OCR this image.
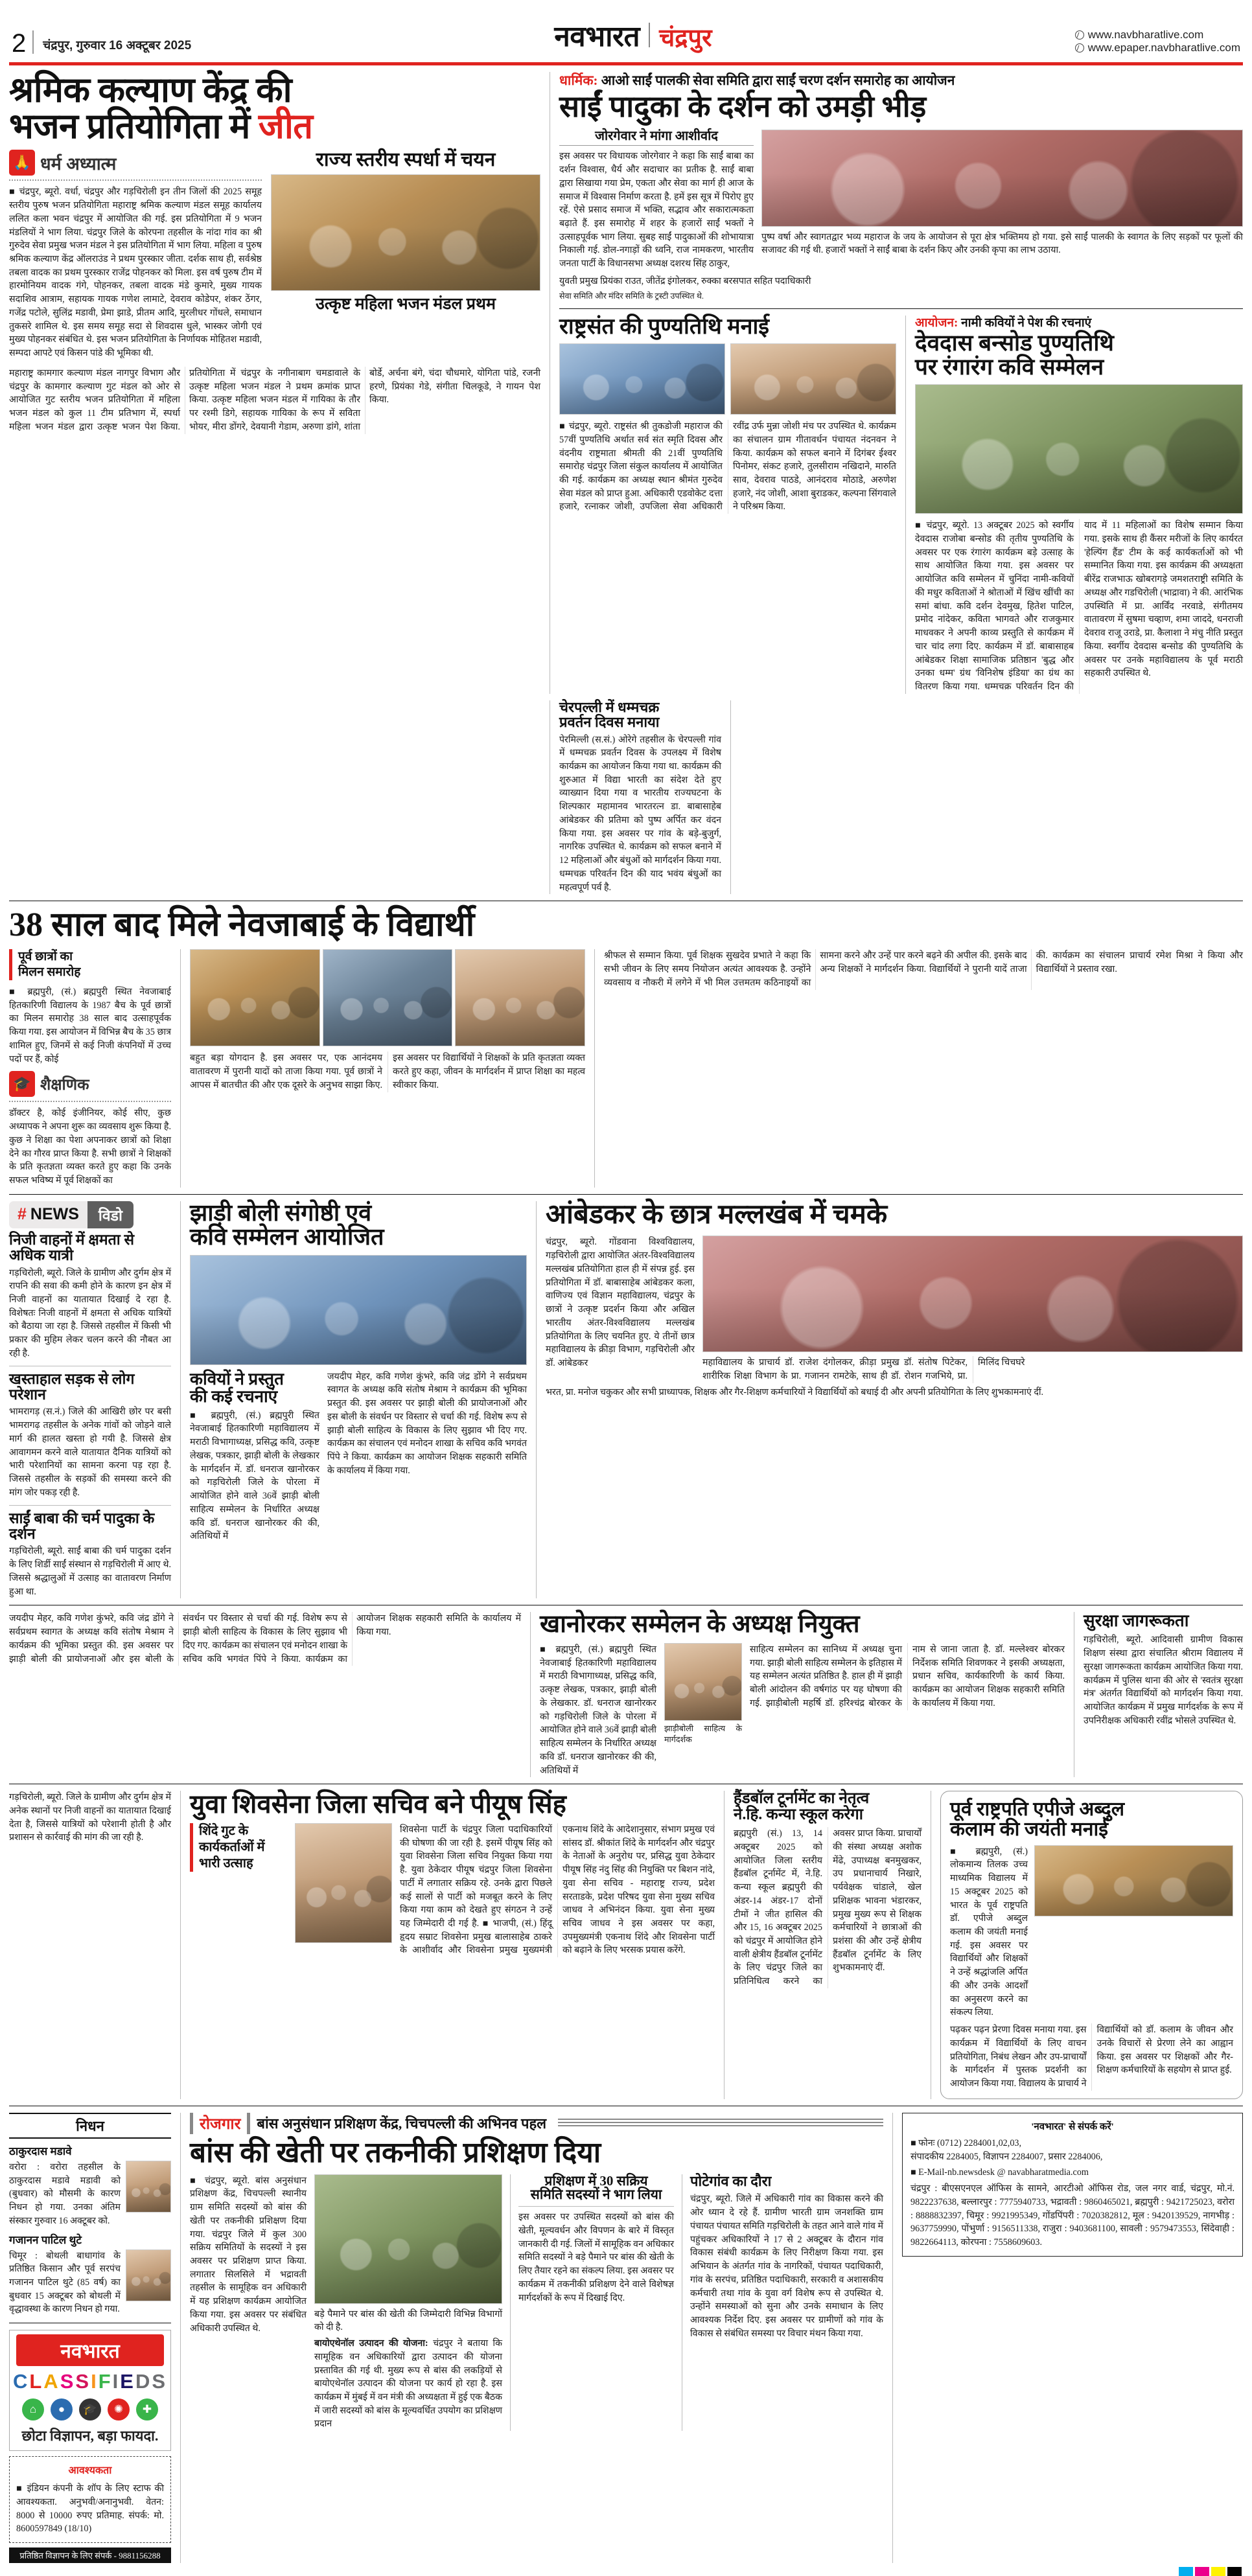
2 चंद्रपुर, गुरुवार 16 अक्टूबर 2025	नवभारत चंद्रपुर	www.navbharatlive.com
www.epaper.navbharatlive.com
श्रमिक कल्याण केंद्र की
भजन प्रतियोगिता में जीत
🙏 धर्म अध्यात्म
■ चंद्रपुर, ब्यूरो. वर्धा, चंद्रपुर और गड़चिरोली इन तीन जिलों की 2025 समूह स्तरीय पुरुष भजन प्रतियोगिता महाराष्ट्र श्रमिक कल्याण मंडल समूह कार्यालय ललित कला भवन चंद्रपुर में आयोजित की गई. इस प्रतियोगिता में 9 भजन मंडलियों ने भाग लिया. चंद्रपुर जिले के कोरपना तहसील के नांदा गांव का श्री गुरुदेव सेवा प्रमुख भजन मंडल ने इस प्रतियोगिता में भाग लिया. महिला व पुरुष श्रमिक कल्याण केंद्र ऑलराउंड ने प्रथम पुरस्कार जीता. दर्शक साथ ही, सर्वश्रेष्ठ तबला वादक का प्रथम पुरस्कार राजेंद्र पोहनकर को मिला. इस वर्ष पुरुष टीम में हारमोनियम वादक गंगे, पोहनकर, तबला वादक मंडे कुमारे, मुख्य गायक सदाशिव आत्राम, सहायक गायक गणेश लामाटे, देवराव कोडेपर, शंकर ठेंगर, गजेंद्र पटोले, सुलिंद्र मडावी, प्रेमा झाडे, प्रीतम आदि, मुरलीधर गोंधले, समाधान तुकसरे शामिल थे. इस समय समूह सदा से शिवदास धुले, भास्कर जोगी एवं मुख्य पोहनकर संबंधित थे. इस भजन प्रतियोगिता के निर्णायक मोहितश मडावी, सम्पदा आपटे एवं किसन पांडे की भूमिका थी.
राज्य स्तरीय स्पर्धा में चयन
उत्कृष्ट महिला भजन मंडल प्रथम
महाराष्ट्र कामगार कल्याण मंडल नागपुर विभाग और चंद्रपुर के कामगार कल्याण गुट मंडल को ओर से आयोजित गुट स्तरीय भजन प्रतियोगिता में महिला भजन मंडल को कुल 11 टीम प्रतिभाग में, स्पर्धा महिला भजन मंडल द्वारा उत्कृष्ट भजन पेश किया. प्रतियोगिता में चंद्रपुर के नगीनाबाग चमडावाले के उत्कृष्ट महिला भजन मंडल ने प्रथम क्रमांक प्राप्त किया. उत्कृष्ट महिला भजन मंडल में गायिका के तौर पर रश्मी डिगे, सहायक गायिका के रूप में सविता भोयर, मीरा डोंगरे, देवयानी गेडाम, अरुणा डांगे, शांता बोर्डे, अर्चना बंगे, चंदा चौधमारे, योगिता पांडे, रजनी हरणे, प्रियंका गेडे, संगीता चिलकूडे, ने गायन पेश किया.
धार्मिक: आओ साईं पालकी सेवा समिति द्वारा साईं चरण दर्शन समारोह का आयोजन
साईं पादुका के दर्शन को उमड़ी भीड़
जोरगेवार ने मांगा आशीर्वाद
इस अवसर पर विधायक जोरगेवार ने कहा कि साईं बाबा का दर्शन विश्वास, धैर्य और सदाचार का प्रतीक है. साईं बाबा द्वारा सिखाया गया प्रेम, एकता और सेवा का मार्ग ही आज के समाज में विश्वास निर्माण करता है. हमें इस सूत्र में पिरोए हुए रहें. ऐसे प्रसाद समाज में भक्ति, सद्भाव और सकारात्मकता बढ़ाते हैं. इस समारोह में शहर के हजारों साईं भक्तों ने उत्साहपूर्वक भाग लिया. सुबह साईं पादुकाओं की शोभायात्रा निकाली गई. डोल-नगाड़ों की ध्वनि, राज नामकरण, भारतीय जनता पार्टी के विधानसभा अध्यक्ष दशरथ सिंह ठाकुर,
पुष्प वर्षा और स्वागतद्वार भव्य महाराज के जय के आयोजन से पूरा क्षेत्र भक्तिमय हो गया. इसे साईं पालकी के स्वागत के लिए सड़कों पर फूलों की सजावट की गई थी. हजारों भक्तों ने साईं बाबा के दर्शन किए और उनकी कृपा का लाभ उठाया.
युवती प्रमुख प्रियंका राउत, जीतेंद्र इंगोलकर, रुक्का बरसपात सहित पदाधिकारी
सेवा समिति और मंदिर समिति के ट्रस्टी उपस्थित थे.
राष्ट्रसंत की पुण्यतिथि मनाई
■ चंद्रपुर, ब्यूरो. राष्ट्रसंत श्री तुकडोजी महाराज की 57वीं पुण्यतिथि अर्थात सर्व संत स्मृति दिवस और वंदनीय राष्ट्रमाता श्रीमती की 21वीं पुण्यतिथि समारोह चंद्रपुर जिला संकुल कार्यालय में आयोजित की गई. कार्यक्रम का अध्यक्ष स्थान श्रीमंत गुरुदेव सेवा मंडल को प्राप्त हुआ. अधिकारी एडवोकेट दत्ता हजारे, रत्नाकर जोशी, उपजिला सेवा अधिकारी रवींद्र उर्फ मुन्ना जोशी मंच पर उपस्थित थे. कार्यक्रम का संचालन ग्राम गीतावर्धन पंचायत नंदनवन ने किया. कार्यक्रम को सफल बनाने में दिगंबर ईश्वर पिनोमर, संकट हजारे, तुलसीराम नखिदाने, मारुति साव, देवराव पाठडे, आनंदराव मोठाडे, अरुणेश हजारे, नंद जोशी, आशा बुराडकर, कल्पना सिंगवाले ने परिश्रम किया.
आयोजन: नामी कवियों ने पेश की रचनाएं
देवदास बन्सोड पुण्यतिथि
पर रंगारंग कवि सम्मेलन
■ चंद्रपुर, ब्यूरो. 13 अक्टूबर 2025 को स्वर्गीय देवदास राजोबा बन्सोड की तृतीय पुण्यतिथि के अवसर पर एक रंगारंग कार्यक्रम बड़े उत्साह के साथ आयोजित किया गया. इस अवसर पर आयोजित कवि सम्मेलन में चुनिंदा नामी-कवियों की मधुर कविताओं ने श्रोताओं में खिंच खींची का समां बांधा. कवि दर्शन देवमुख, हितेश पाटिल, प्रमोद नांदेकर, कविता भागवते और राजकुमार माधवकर ने अपनी काव्य प्रस्तुति से कार्यक्रम में चार चांद लगा दिए. कार्यक्रम में डॉ. बाबासाहब आंबेडकर शिक्षा सामाजिक प्रतिष्ठान 'बुद्ध और उनका धम्म' ग्रंथ 'विनिशेष इंडिया' का ग्रंथ का वितरण किया गया. धम्मचक्र परिवर्तन दिन की याद में 11 महिलाओं का विशेष सम्मान किया गया. इसके साथ ही कैंसर मरीजों के लिए कार्यरत 'हेल्पिंग हैंड' टीम के कई कार्यकर्ताओं को भी सम्मानित किया गया. इस कार्यक्रम की अध्यक्षता बीरेंद्र राजभाऊ खोबरागड़े जमशतराष्ट्री समिति के अध्यक्ष और गडचिरोली (भाद्रावा) ने की. आरंभिक उपस्थिति में प्रा. आर्विंद नरवाडे, संगीतमय वातावरण में सुषमा चव्हाण, शमा जाददे, धनराजी देवराव राजू उराडे, प्रा. कैलाशा ने मंचु नीति प्रस्तुत किया. स्वर्गीय देवदास बन्सोड की पुण्यतिथि के अवसर पर उनके महाविद्यालय के पूर्व मराठी सहकारी उपस्थित थे.
चेरपल्ली में धम्मचक्र
प्रवर्तन दिवस मनाया
पेरमिल्ली (स.सं.) ओरेगे तहसील के चेरपल्ली गांव में धम्मचक्र प्रवर्तन दिवस के उपलक्ष्य में विशेष कार्यक्रम का आयोजन किया गया था. कार्यक्रम की शुरुआत में विद्या भारती का संदेश देते हुए व्याख्यान दिया गया व भारतीय राज्यघटना के शिल्पकार महामानव भारतरत्न डा. बाबासाहेब आंबेडकर की प्रतिमा को पुष्प अर्पित कर वंदन किया गया. इस अवसर पर गांव के बड़े-बुजुर्ग, नागरिक उपस्थित थे. कार्यक्रम को सफल बनाने में 12 महिलाओं और बंधुओं को मार्गदर्शन किया गया. धम्मचक्र परिवर्तन दिन की याद भवंय बंधुओं का महत्वपूर्ण पर्व है.
38 साल बाद मिले नेवजाबाई के विद्यार्थी
पूर्व छात्रों का
मिलन समारोह
■ ब्रह्मपुरी, (सं.) ब्रह्मपुरी स्थित नेवजाबाई हितकारिणी विद्यालय के 1987 बैच के पूर्व छात्रों का मिलन समारोह 38 साल बाद उत्साहपूर्वक किया गया. इस आयोजन में विभिन्न बैच के 35 छात्र शामिल हुए, जिनमें से कई निजी कंपनियों में उच्च पदों पर हैं, कोई
🎓 शैक्षणिक
डॉक्टर है, कोई इंजीनियर, कोई सीए, कुछ अध्यापक ने अपना शुरू का व्यवसाय शुरू किया है. कुछ ने शिक्षा का पेशा अपनाकर छात्रों को शिक्षा देने का गौरव प्राप्त किया है. सभी छात्रों ने शिक्षकों के प्रति कृतज्ञता व्यक्त करते हुए कहा कि उनके सफल भविष्य में पूर्व शिक्षकों का
बहुत बड़ा योगदान है. इस अवसर पर, एक आनंदमय वातावरण में पुरानी यादों को ताजा किया गया. पूर्व छात्रों ने आपस में बातचीत की और एक दूसरे के अनुभव साझा किए. इस अवसर पर विद्यार्थियों ने शिक्षकों के प्रति कृतज्ञता व्यक्त करते हुए कहा, जीवन के मार्गदर्शन में प्राप्त शिक्षा का महत्व स्वीकार किया.
श्रीफल से सम्मान किया. पूर्व शिक्षक सुखदेव प्रभाते ने कहा कि सभी जीवन के लिए समय नियोजन अत्यंत आवश्यक है. उन्होंने व्यवसाय व नौकरी में लगेने में भी मिल उत्तमतम कठिनाइयों का सामना करने और उन्हें पार करने बढ़ने की अपील की. इसके बाद अन्य शिक्षकों ने मार्गदर्शन किया. विद्यार्थियों ने पुरानी यादें ताजा की. कार्यक्रम का संचालन प्राचार्य रमेश मिश्रा ने किया और विद्यार्थियों ने प्रस्ताव रखा.
# NEWS	विडो
निजी वाहनों में क्षमता से अधिक यात्री
गड़चिरोली, ब्यूरो. जिले के ग्रामीण और दुर्गम क्षेत्र में रापनि की सवा की कमी होने के कारण इन क्षेत्र में निजी वाहनों का यातायात दिखाई दे रहा है. विशेषतः निजी वाहनों में क्षमता से अधिक यात्रियों को बैठाया जा रहा है. जिससे तहसील में किसी भी प्रकार की मुहिम लेकर चलन करने की नौबत आ रही है.
खस्ताहाल सड़क से लोग परेशान
भामरागड़ (स.नं.) जिले की आखिरी छोर पर बसी भामरागढ़ तहसील के अनेक गांवों को जोड़ने वाले मार्ग की हालत खस्ता हो गयी है. जिससे क्षेत्र आवागमन करने वाले यातायात दैनिक यात्रियों को भारी परेशानियों का सामना करना पड़ रहा है. जिससे तहसील के सड़कों की समस्या करने की मांग जोर पकड़ रही है.
साईं बाबा की चर्म पादुका के दर्शन
गड़चिरोली, ब्यूरो. साईं बाबा की चर्म पादुका दर्शन के लिए शिर्डी साईं संस्थान से गड़चिरोली में आए थे. जिससे श्रद्धालुओं में उत्साह का वातावरण निर्माण हुआ था.
झाड़ी बोली संगोष्ठी एवं
कवि सम्मेलन आयोजित
कवियों ने प्रस्तुत
की कई रचनाएं
■ ब्रह्मपुरी, (सं.) ब्रह्मपुरी स्थित नेवजाबाई हितकारिणी महाविद्यालय में मराठी विभागाध्यक्ष, प्रसिद्ध कवि, उत्कृष्ट लेखक, पत्रकार, झाड़ी बोली के लेखकार के मार्गदर्शन में. डॉ. धनराज खानोरकर को गड़चिरोली जिले के पोरला में आयोजित होने वाले 36वें झाड़ी बोली साहित्य सम्मेलन के निर्धारित अध्यक्ष कवि डॉ. धनराज खानोरकर की की, अतिथियों में
जयदीप मेहर, कवि गणेश कुंभरे, कवि जंद्र डोंगे ने सर्वप्रथम स्वागत के अध्यक्ष कवि संतोष मेश्राम ने कार्यक्रम की भूमिका प्रस्तुत की. इस अवसर पर झाड़ी बोली की प्रायोजनाओं और इस बोली के संवर्धन पर विस्तार से चर्चा की गई. विशेष रूप से झाड़ी बोली साहित्य के विकास के लिए सुझाव भी दिए गए. कार्यक्रम का संचालन एवं मनोदन शाखा के सचिव कवि भगवंत पिंपे ने किया. कार्यक्रम का आयोजन शिक्षक सहकारी समिति के कार्यालय में किया गया.
आंबेडकर के छात्र मल्लखंब में चमके
चंद्रपुर, ब्यूरो. गोंडवाना विश्वविद्यालय, गड़चिरोली द्वारा आयोजित अंतर-विश्वविद्यालय मल्लखंब प्रतियोगिता हाल ही में संपन्न हुई. इस प्रतियोगिता में डॉ. बाबासाहेब आंबेडकर कला, वाणिज्य एवं विज्ञान महाविद्यालय, चंद्रपुर के छात्रों ने उत्कृष्ट प्रदर्शन किया और अखिल भारतीय अंतर-विश्वविद्यालय मल्लखंब प्रतियोगिता के लिए चयनित हुए. ये तीनों छात्र महाविद्यालय के क्रीड़ा विभाग, गड़चिरोली और डॉ. आंबेडकर	महाविद्यालय के प्राचार्य डॉ. राजेश दंगोलकर, क्रीड़ा प्रमुख डॉ. संतोष पिटेकर, शारीरिक शिक्षा विभाग के प्रा. गजानन रामटेके, साथ ही डॉ. रोशन गजभिये, प्रा. मिलिंद चिचघरे
भरत, प्रा. मनोज चकुकर और सभी प्राध्यापक, शिक्षक और गैर-शिक्षण कर्मचारियों ने विद्यार्थियों को बधाई दी और अपनी प्रतियोगिता के लिए शुभकामनाएं दीं.
जयदीप मेहर, कवि गणेश कुंभरे, कवि जंद्र डोंगे ने सर्वप्रथम स्वागत के अध्यक्ष कवि संतोष मेश्राम ने कार्यक्रम की भूमिका प्रस्तुत की. इस अवसर पर झाड़ी बोली की प्रायोजनाओं और इस बोली के संवर्धन पर विस्तार से चर्चा की गई. विशेष रूप से झाड़ी बोली साहित्य के विकास के लिए सुझाव भी दिए गए. कार्यक्रम का संचालन एवं मनोदन शाखा के सचिव कवि भगवंत पिंपे ने किया. कार्यक्रम का आयोजन शिक्षक सहकारी समिति के कार्यालय में किया गया.	खानोरकर सम्मेलन के अध्यक्ष नियुक्त
■ ब्रह्मपुरी, (सं.) ब्रह्मपुरी स्थित नेवजाबाई हितकारिणी महाविद्यालय में मराठी विभागाध्यक्ष, प्रसिद्ध कवि, उत्कृष्ट लेखक, पत्रकार, झाड़ी बोली के लेखकार. डॉ. धनराज खानोरकर को गड़चिरोली जिले के पोरला में आयोजित होने वाले 36वें झाड़ी बोली साहित्य सम्मेलन के निर्धारित अध्यक्ष कवि डॉ. धनराज खानोरकर की की, अतिथियों में
झाड़ीबोली साहित्य के मार्गदर्शक
साहित्य सम्मेलन का सानिध्य में अध्यक्ष चुना गया. झाड़ी बोली साहित्य सम्मेलन के इतिहास में यह सम्मेलन अत्यंत प्रतिष्ठित है. हाल ही में झाड़ी बोली आंदोलन की वर्षगांठ पर यह घोषणा की गई. झाड़ीबोली महर्षि डॉ. हरिश्चंद्र बोरकर के नाम से जाना जाता है. डॉ. मल्लेश्वर बोरकर निर्देशक समिति शिवणकर ने इसकी अध्यक्षता, प्रधान सचिव, कार्यकारिणी के कार्य किया. कार्यक्रम का आयोजन शिक्षक सहकारी समिति के कार्यालय में किया गया.
सुरक्षा जागरूकता
गड़चिरोली, ब्यूरो. आदिवासी ग्रामीण विकास शिक्षण संस्था द्वारा संचालित श्रीराम विद्यालय में सुरक्षा जागरूकता कार्यक्रम आयोजित किया गया. कार्यक्रम में पुलिस थाना की ओर से 'स्वतंत्र सुरक्षा मंत्र' अंतर्गत विद्यार्थियों को मार्गदर्शन किया गया. आयोजित कार्यक्रम में प्रमुख मार्गदर्शक के रूप में उपनिरीक्षक अधिकारी रवींद्र भोसले उपस्थित थे.
गड़चिरोली, ब्यूरो. जिले के ग्रामीण और दुर्गम क्षेत्र में अनेक स्थानों पर निजी वाहनों का यातायात दिखाई देता है, जिससे यात्रियों को परेशानी होती है और प्रशासन से कार्रवाई की मांग की जा रही है.
युवा शिवसेना जिला सचिव बने पीयूष सिंह
शिंदे गुट के
कार्यकर्ताओं में
भारी उत्साह
शिवसेना पार्टी के चंद्रपुर जिला पदाधिकारियों की घोषणा की जा रही है. इसमें पीयूष सिंह को युवा शिवसेना जिला सचिव नियुक्त किया गया है. युवा ठेकेदार पीयूष चंद्रपुर जिला शिवसेना पार्टी में लगातार सक्रिय रहे. उनके द्वारा पिछले कई सालों से पार्टी को मजबूत करने के लिए किया गया काम को देखते हुए संगठन ने उन्हें यह जिम्मेदारी दी गई है. ■ भाजपी, (सं.) हिंदू हृदय सम्राट शिवसेना प्रमुख बालासाहेब ठाकरे के आशीर्वाद और शिवसेना प्रमुख मुख्यमंत्री एकनाथ शिंदे के आदेशानुसार, संभाग प्रमुख एवं सांसद डॉ. श्रीकांत शिंदे के मार्गदर्शन और चंद्रपुर के नेताओं के अनुरोध पर, प्रसिद्ध युवा ठेकेदार पीयूष सिंह नंदु सिंह की नियुक्ति पर बिशन नांदे, युवा सेना सचिव - महाराष्ट्र राज्य, प्रदेश सरताडके, प्रदेश परिषद युवा सेना मुख्य सचिव जाधव ने अभिनंदन किया. युवा सेना मुख्य सचिव जाधव ने इस अवसर पर कहा, उपमुख्यमंत्री एकनाथ शिंदे और शिवसेना पार्टी को बढ़ाने के लिए भरसक प्रयास करेंगे.
हैंडबॉल टूर्नामेंट का नेतृत्व
ने.हि. कन्या स्कूल करेगा
ब्रह्मपुरी (सं.) 13, 14 अक्टूबर 2025 को आयोजित जिला स्तरीय हैंडबॉल टूर्नामेंट में, ने.हि. कन्या स्कूल ब्रह्मपुरी की अंडर-14 अंडर-17 दोनों टीमों ने जीत हासिल की और 15, 16 अक्टूबर 2025 को चंद्रपुर में आयोजित होने वाली क्षेत्रीय हैंडबॉल टूर्नामेंट के लिए चंद्रपुर जिले का प्रतिनिधित्व करने का अवसर प्राप्त किया. प्राचार्यों की संस्था अध्यक्ष अशोक मेंढे, उपाध्यक्ष बनमुखकर, उप प्रधानाचार्य निखारे, पर्यवेक्षक चांडाले, खेल प्रशिक्षक भावना भंडारकर, प्रमुख मुख्य रूप से शिक्षक कर्मचारियों ने छात्राओं की प्रशंसा की और उन्हें क्षेत्रीय हैंडबॉल टूर्नामेंट के लिए शुभकामनाएं दीं.
पूर्व राष्ट्रपति एपीजे अब्दुल
कलाम की जयंती मनाई
■ ब्रह्मपुरी, (सं.) लोकमान्य तिलक उच्च माध्यमिक विद्यालय में 15 अक्टूबर 2025 को भारत के पूर्व राष्ट्रपति डॉ. एपीजे अब्दुल कलाम की जयंती मनाई गई. इस अवसर पर विद्यार्थियों और शिक्षकों ने उन्हें श्रद्धांजलि अर्पित की और उनके आदर्शों का अनुसरण करने का संकल्प लिया.
पढ़कर पढ़न प्रेरणा दिवस मनाया गया. इस कार्यक्रम में विद्यार्थियों के लिए वाचन प्रतियोगिता, निबंध लेखन और उप-प्राचार्यों के मार्गदर्शन में पुस्तक प्रदर्शनी का आयोजन किया गया. विद्यालय के प्राचार्य ने विद्यार्थियों को डॉ. कलाम के जीवन और उनके विचारों से प्रेरणा लेने का आह्वान किया. इस अवसर पर शिक्षकों और गैर-शिक्षण कर्मचारियों के सहयोग से प्राप्त हुई.
निधन
ठाकुरदास मडावे
वरोरा : वरोरा तहसील के ठाकुरदास मडावे मडावी को (बुधवार) को मौसमी के कारण निधन हो गया. उनका अंतिम संस्कार गुरुवार 16 अक्टूबर को.
गजानन पाटिल थुटे
चिमूर : बोथली बाधागांव के प्रतिष्ठित किसान और पूर्व सरपंच गजानन पाटिल थुटे (85 वर्ष) का बुधवार 15 अक्टूबर को बोथली में वृद्धावस्था के कारण निधन हो गया.
नवभारत
CLASSIFIEDS
⌂	●	🎓	✺	✚
छोटा विज्ञापन, बड़ा फायदा.
आवश्यकता
■ इंडियन कंपनी के शॉप के लिए स्टाफ की आवश्यकता. अनुभवी/अनानुभवी. वेतन: 8000 से 10000 रुपए प्रतिमाह. संपर्क: मो. 8600597849 (18/10)
प्रतिष्ठित विज्ञापन के लिए संपर्क - 9881156288
रोजगार	बांस अनुसंधान प्रशिक्षण केंद्र, चिचपल्ली की अभिनव पहल
बांस की खेती पर तकनीकी प्रशिक्षण दिया
■ चंद्रपुर, ब्यूरो. बांस अनुसंधान प्रशिक्षण केंद्र, चिचपल्ली स्थानीय ग्राम समिति सदस्यों को बांस की खेती पर तकनीकी प्रशिक्षण दिया गया. चंद्रपुर जिले में कुल 300 सक्रिय समितियों के सदस्यों ने इस अवसर पर प्रशिक्षण प्राप्त किया. लगातार सिलसिले में भद्रावती तहसील के सामूहिक वन अधिकारी में यह प्रशिक्षण कार्यक्रम आयोजित किया गया. इस अवसर पर संबंधित अधिकारी उपस्थित थे.
बड़े पैमाने पर बांस की खेती की जिम्मेदारी विभिन्न विभागों को दी है.
बायोएथेनॉल उत्पादन की योजना: चंद्रपुर ने बताया कि सामूहिक वन अधिकारियों द्वारा उत्पादन की योजना प्रस्तावित की गई थी. मुख्य रूप से बांस की लकड़ियों से बायोएथेनॉल उत्पादन की योजना पर कार्य हो रहा है. इस कार्यक्रम में मुंबई में वन मंत्री की अध्यक्षता में हुई एक बैठक में जारी सदस्यों को बांस के मूल्यवर्धित उपयोग का प्रशिक्षण प्रदान
प्रशिक्षण में 30 सक्रिय
समिति सदस्यों ने भाग लिया
इस अवसर पर उपस्थित सदस्यों को बांस की खेती, मूल्यवर्धन और विपणन के बारे में विस्तृत जानकारी दी गई. जिलों में सामूहिक वन अधिकार समिति सदस्यों ने बड़े पैमाने पर बांस की खेती के लिए तैयार रहने का संकल्प लिया. इस अवसर पर कार्यक्रम में तकनीकी प्रशिक्षण देने वाले विशेषज्ञ मार्गदर्शकों के रूप में दिखाई दिए.
पोटेगांव का दौरा
चंद्रपुर, ब्यूरो. जिले में अधिकारी गांव का विकास करने की ओर ध्यान दे रहे हैं. ग्रामीण भारती ग्राम जनशक्ति ग्राम पंचायत पंचायत समिति गड़चिरोली के तहत आने वाले गांव में पहुंचकर अधिकारियों ने 17 से 2 अक्टूबर के दौरान गांव विकास संबंधी कार्यक्रम के लिए निरीक्षण किया गया. इस अभियान के अंतर्गत गांव के नागरिकों, पंचायत पदाधिकारी, गांव के सरपंच, प्रतिष्ठित पदाधिकारी, सरकारी व अशासकीय कर्मचारी तथा गांव के युवा वर्ग विशेष रूप से उपस्थित थे. उन्होंने समस्याओं को सुना और उनके समाधान के लिए आवश्यक निर्देश दिए. इस अवसर पर ग्रामीणों को गांव के विकास से संबंधित समस्या पर विचार मंथन किया गया.
'नवभारत' से संपर्क करें'
■ फोनः (0712) 2284001,02,03,
संपादकीय 2284005, विज्ञापन 2284007, प्रसार 2284006,
■ E-Mail-nb.newsdesk @ navabharatmedia.com
चंद्रपुर : बीएसएनएल ऑफिस के सामने, आरटीओ ऑफिस रोड, जल नगर वार्ड, चंद्रपुर, मो.नं. 9822237638, बल्लारपुर : 7775940733, भद्रावती : 9860465021, ब्रह्मपुरी : 9421725023, वरोरा : 8888832397, चिमूर : 9921995349, गोंडपिंपरी : 7020382812, मूल : 9420139529, नागभीड़ : 9637759990, पोंभुर्णा : 9156511338, राजुरा : 9403681100, सावली : 9579473553, सिंदेवाही : 9822664113, कोरपना : 7558609603.
